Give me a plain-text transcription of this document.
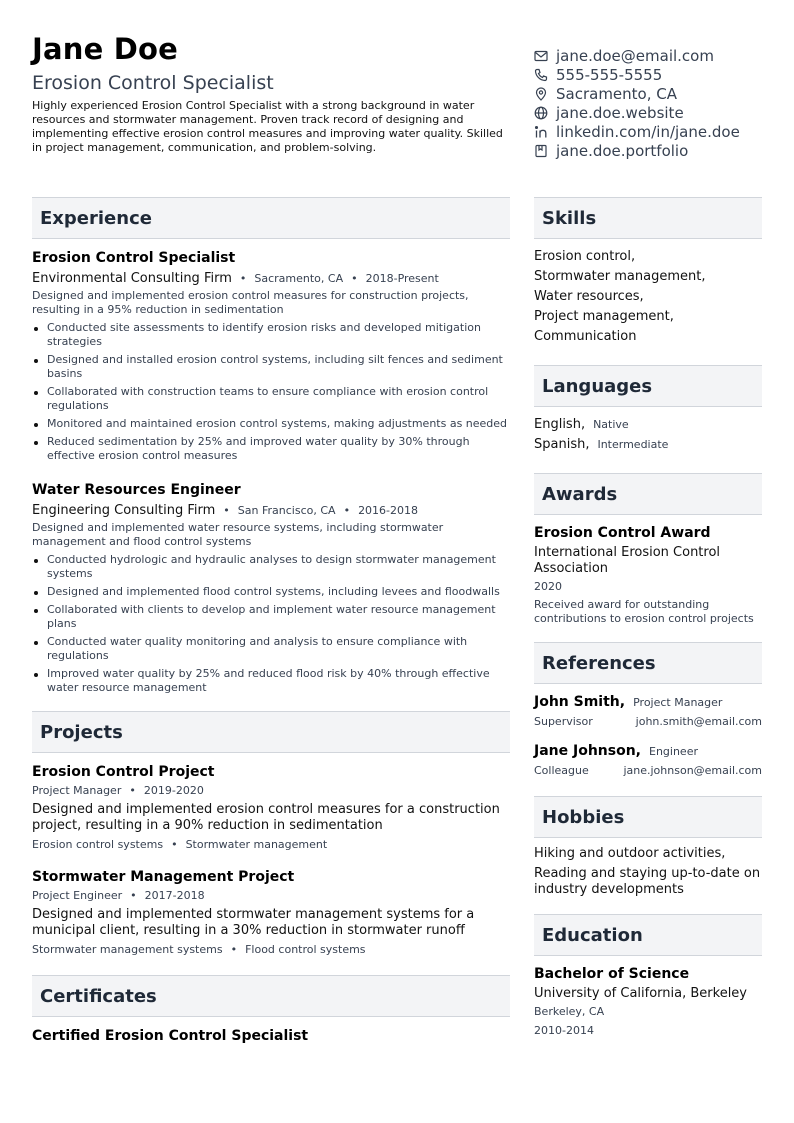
Jane Doe
Erosion Control Specialist
Highly experienced Erosion Control Specialist with a strong background in water resources and stormwater management. Proven track record of designing and implementing effective erosion control measures and improving water quality. Skilled in project management, communication, and problem-solving.
jane.doe@email.com
555-555-5555
Sacramento, CA
jane.doe.website
linkedin.com/in/jane.doe
jane.doe.portfolio
Experience
Erosion Control Specialist
Environmental Consulting Firm • Sacramento, CA • 2018-Present
Designed and implemented erosion control measures for construction projects, resulting in a 95% reduction in sedimentation
Conducted site assessments to identify erosion risks and developed mitigation strategies
Designed and installed erosion control systems, including silt fences and sediment basins
Collaborated with construction teams to ensure compliance with erosion control regulations
Monitored and maintained erosion control systems, making adjustments as needed
Reduced sedimentation by 25% and improved water quality by 30% through effective erosion control measures
Water Resources Engineer
Engineering Consulting Firm • San Francisco, CA • 2016-2018
Designed and implemented water resource systems, including stormwater management and flood control systems
Conducted hydrologic and hydraulic analyses to design stormwater management systems
Designed and implemented flood control systems, including levees and floodwalls
Collaborated with clients to develop and implement water resource management plans
Conducted water quality monitoring and analysis to ensure compliance with regulations
Improved water quality by 25% and reduced flood risk by 40% through effective water resource management
Projects
Erosion Control Project
Project Manager • 2019-2020
Designed and implemented erosion control measures for a construction project, resulting in a 90% reduction in sedimentation
Erosion control systems • Stormwater management
Stormwater Management Project
Project Engineer • 2017-2018
Designed and implemented stormwater management systems for a municipal client, resulting in a 30% reduction in stormwater runoff
Stormwater management systems • Flood control systems
Certificates
Certified Erosion Control Specialist
Skills
Erosion control,
Stormwater management,
Water resources,
Project management,
Communication
Languages
English, Native
Spanish, Intermediate
Awards
Erosion Control Award
International Erosion Control Association
2020
Received award for outstanding contributions to erosion control projects
References
John Smith, Project Manager
Supervisor	john.smith@email.com
Jane Johnson, Engineer
Colleague	jane.johnson@email.com
Hobbies
Hiking and outdoor activities,
Reading and staying up-to-date on industry developments
Education
Bachelor of Science
University of California, Berkeley
Berkeley, CA
2010-2014
